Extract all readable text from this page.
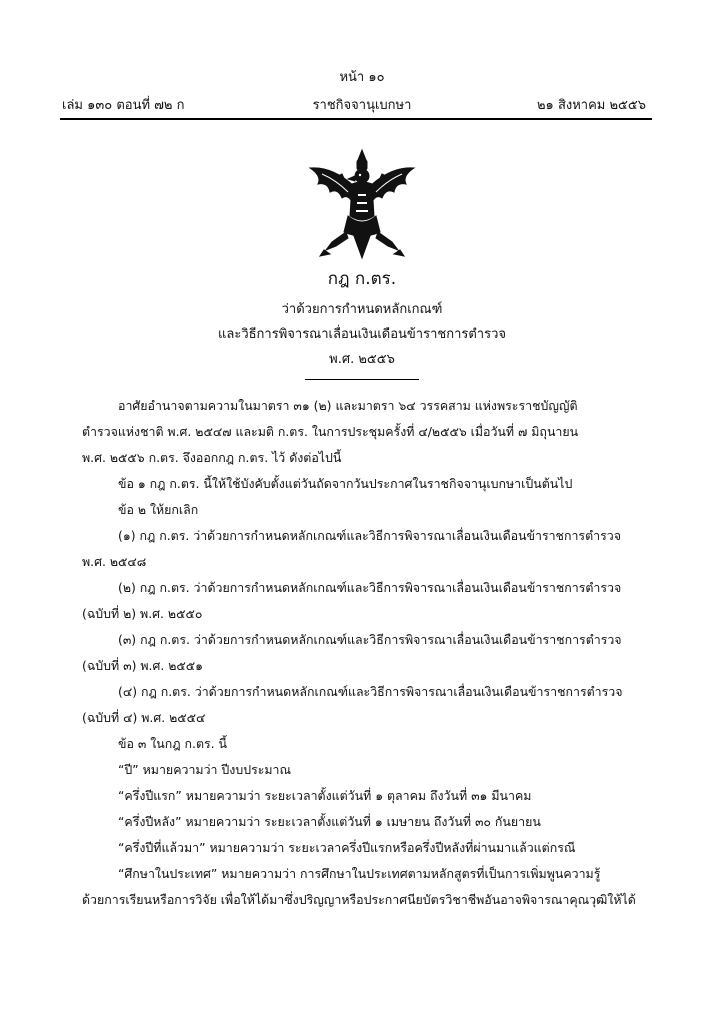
หน้า ๑๐
เล่ม ๑๓๐ ตอนที่ ๗๒ ก	ราชกิจจานุเบกษา	๒๑ สิงหาคม ๒๕๕๖
กฎ ก.ตร.
ว่าด้วยการกำหนดหลักเกณฑ์
และวิธีการพิจารณาเลื่อนเงินเดือนข้าราชการตำรวจ
พ.ศ. ๒๕๕๖
อาศัยอำนาจตามความในมาตรา ๓๑ (๒) และมาตรา ๖๔ วรรคสาม แห่งพระราชบัญญัติ
ตำรวจแห่งชาติ พ.ศ. ๒๕๔๗ และมติ ก.ตร. ในการประชุมครั้งที่ ๔/๒๕๕๖ เมื่อวันที่ ๗ มิถุนายน
พ.ศ. ๒๕๕๖ ก.ตร. จึงออกกฎ ก.ตร. ไว้ ดังต่อไปนี้
ข้อ ๑ กฎ ก.ตร. นี้ให้ใช้บังคับตั้งแต่วันถัดจากวันประกาศในราชกิจจานุเบกษาเป็นต้นไป
ข้อ ๒ ให้ยกเลิก
(๑) กฎ ก.ตร. ว่าด้วยการกำหนดหลักเกณฑ์และวิธีการพิจารณาเลื่อนเงินเดือนข้าราชการตำรวจ
พ.ศ. ๒๕๔๘
(๒) กฎ ก.ตร. ว่าด้วยการกำหนดหลักเกณฑ์และวิธีการพิจารณาเลื่อนเงินเดือนข้าราชการตำรวจ
(ฉบับที่ ๒) พ.ศ. ๒๕๕๐
(๓) กฎ ก.ตร. ว่าด้วยการกำหนดหลักเกณฑ์และวิธีการพิจารณาเลื่อนเงินเดือนข้าราชการตำรวจ
(ฉบับที่ ๓) พ.ศ. ๒๕๕๑
(๔) กฎ ก.ตร. ว่าด้วยการกำหนดหลักเกณฑ์และวิธีการพิจารณาเลื่อนเงินเดือนข้าราชการตำรวจ
(ฉบับที่ ๔) พ.ศ. ๒๕๕๔
ข้อ ๓ ในกฎ ก.ตร. นี้
“ปี” หมายความว่า ปีงบประมาณ
“ครึ่งปีแรก” หมายความว่า ระยะเวลาตั้งแต่วันที่ ๑ ตุลาคม ถึงวันที่ ๓๑ มีนาคม
“ครึ่งปีหลัง” หมายความว่า ระยะเวลาตั้งแต่วันที่ ๑ เมษายน ถึงวันที่ ๓๐ กันยายน
“ครึ่งปีที่แล้วมา” หมายความว่า ระยะเวลาครึ่งปีแรกหรือครึ่งปีหลังที่ผ่านมาแล้วแต่กรณี
“ศึกษาในประเทศ” หมายความว่า การศึกษาในประเทศตามหลักสูตรที่เป็นการเพิ่มพูนความรู้
ด้วยการเรียนหรือการวิจัย เพื่อให้ได้มาซึ่งปริญญาหรือประกาศนียบัตรวิชาชีพอันอาจพิจารณาคุณวุฒิให้ได้
